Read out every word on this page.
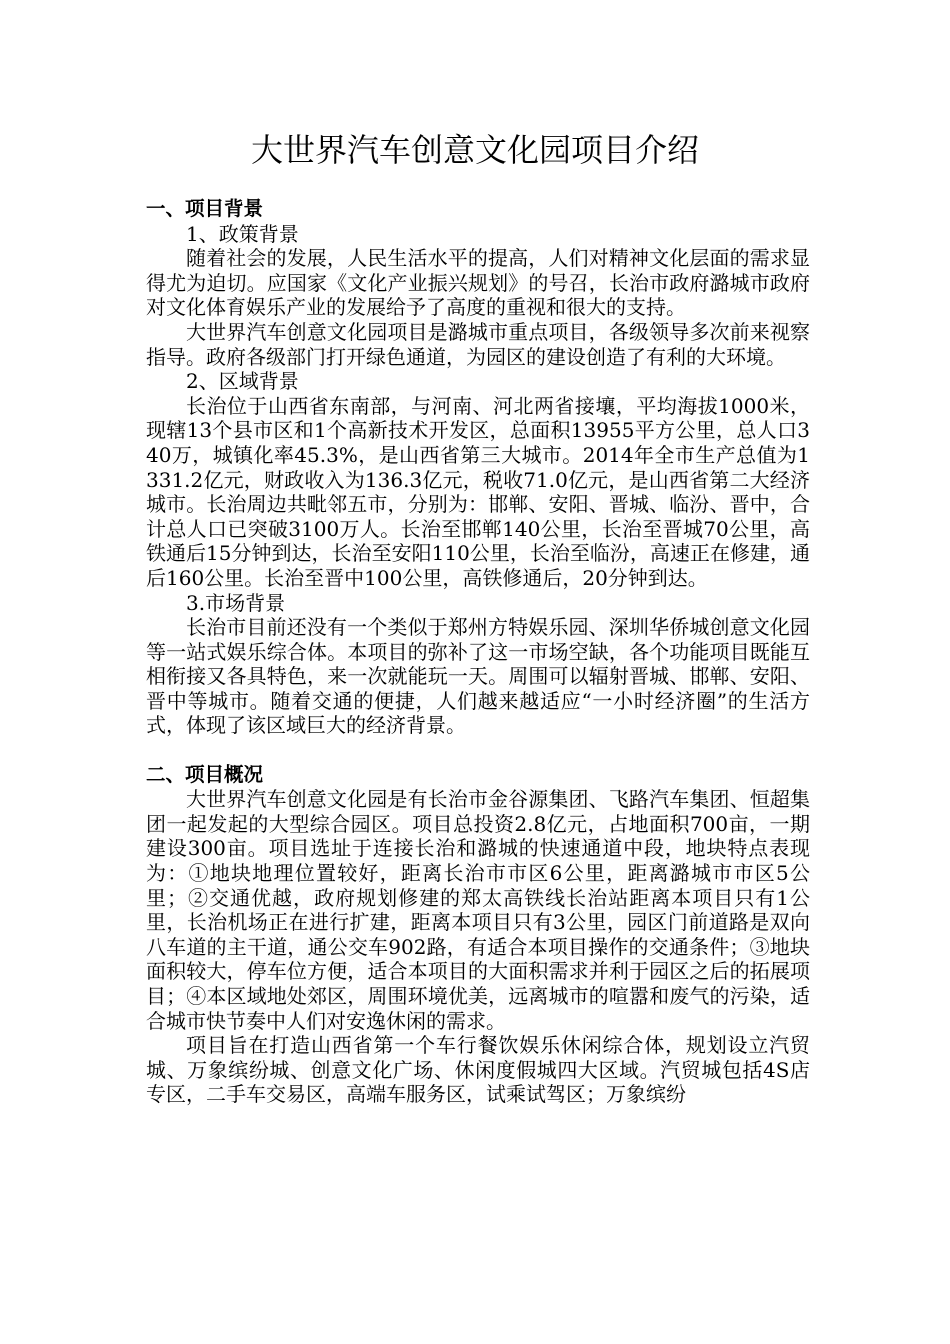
大世界汽车创意文化园项目介绍
一、项目背景

1、政策背景

随着社会的发展，人民生活水平的提高，人们对精神文化层面的需求显得尤为迫切。应国家《文化产业振兴规划》的号召，长治市政府潞城市政府对文化体育娱乐产业的发展给予了高度的重视和很大的支持。

大世界汽车创意文化园项目是潞城市重点项目，各级领导多次前来视察指导。政府各级部门打开绿色通道，为园区的建设创造了有利的大环境。

2、区域背景

长治位于山西省东南部，与河南、河北两省接壤，平均海拔1000米，现辖13个县市区和1个高新技术开发区，总面积13955平方公里，总人口340万，城镇化率45.3%，是山西省第三大城市。2014年全市生产总值为1331.2亿元，财政收入为136.3亿元，税收71.0亿元，是山西省第二大经济城市。长治周边共毗邻五市，分别为：邯郸、安阳、晋城、临汾、晋中，合计总人口已突破3100万人。长治至邯郸140公里，长治至晋城70公里，高铁通后15分钟到达，长治至安阳110公里，长治至临汾，高速正在修建，通后160公里。长治至晋中100公里，高铁修通后，20分钟到达。

3.市场背景

长治市目前还没有一个类似于郑州方特娱乐园、深圳华侨城创意文化园等一站式娱乐综合体。本项目的弥补了这一市场空缺，各个功能项目既能互相衔接又各具特色，来一次就能玩一天。周围可以辐射晋城、邯郸、安阳、晋中等城市。随着交通的便捷，人们越来越适应“一小时经济圈”的生活方式，体现了该区域巨大的经济背景。

二、项目概况

大世界汽车创意文化园是有长治市金谷源集团、飞路汽车集团、恒超集团一起发起的大型综合园区。项目总投资2.8亿元，占地面积700亩，一期建设300亩。项目选址于连接长治和潞城的快速通道中段，地块特点表现为：①地块地理位置较好，距离长治市市区6公里，距离潞城市市区5公里；②交通优越，政府规划修建的郑太高铁线长治站距离本项目只有1公里，长治机场正在进行扩建，距离本项目只有3公里，园区门前道路是双向八车道的主干道，通公交车902路，有适合本项目操作的交通条件；③地块面积较大，停车位方便，适合本项目的大面积需求并利于园区之后的拓展项目；④本区域地处郊区，周围环境优美，远离城市的喧嚣和废气的污染，适合城市快节奏中人们对安逸休闲的需求。

项目旨在打造山西省第一个车行餐饮娱乐休闲综合体，规划设立汽贸城、万象缤纷城、创意文化广场、休闲度假城四大区域。汽贸城包括4S店专区，二手车交易区，高端车服务区，试乘试驾区；万象缤纷
